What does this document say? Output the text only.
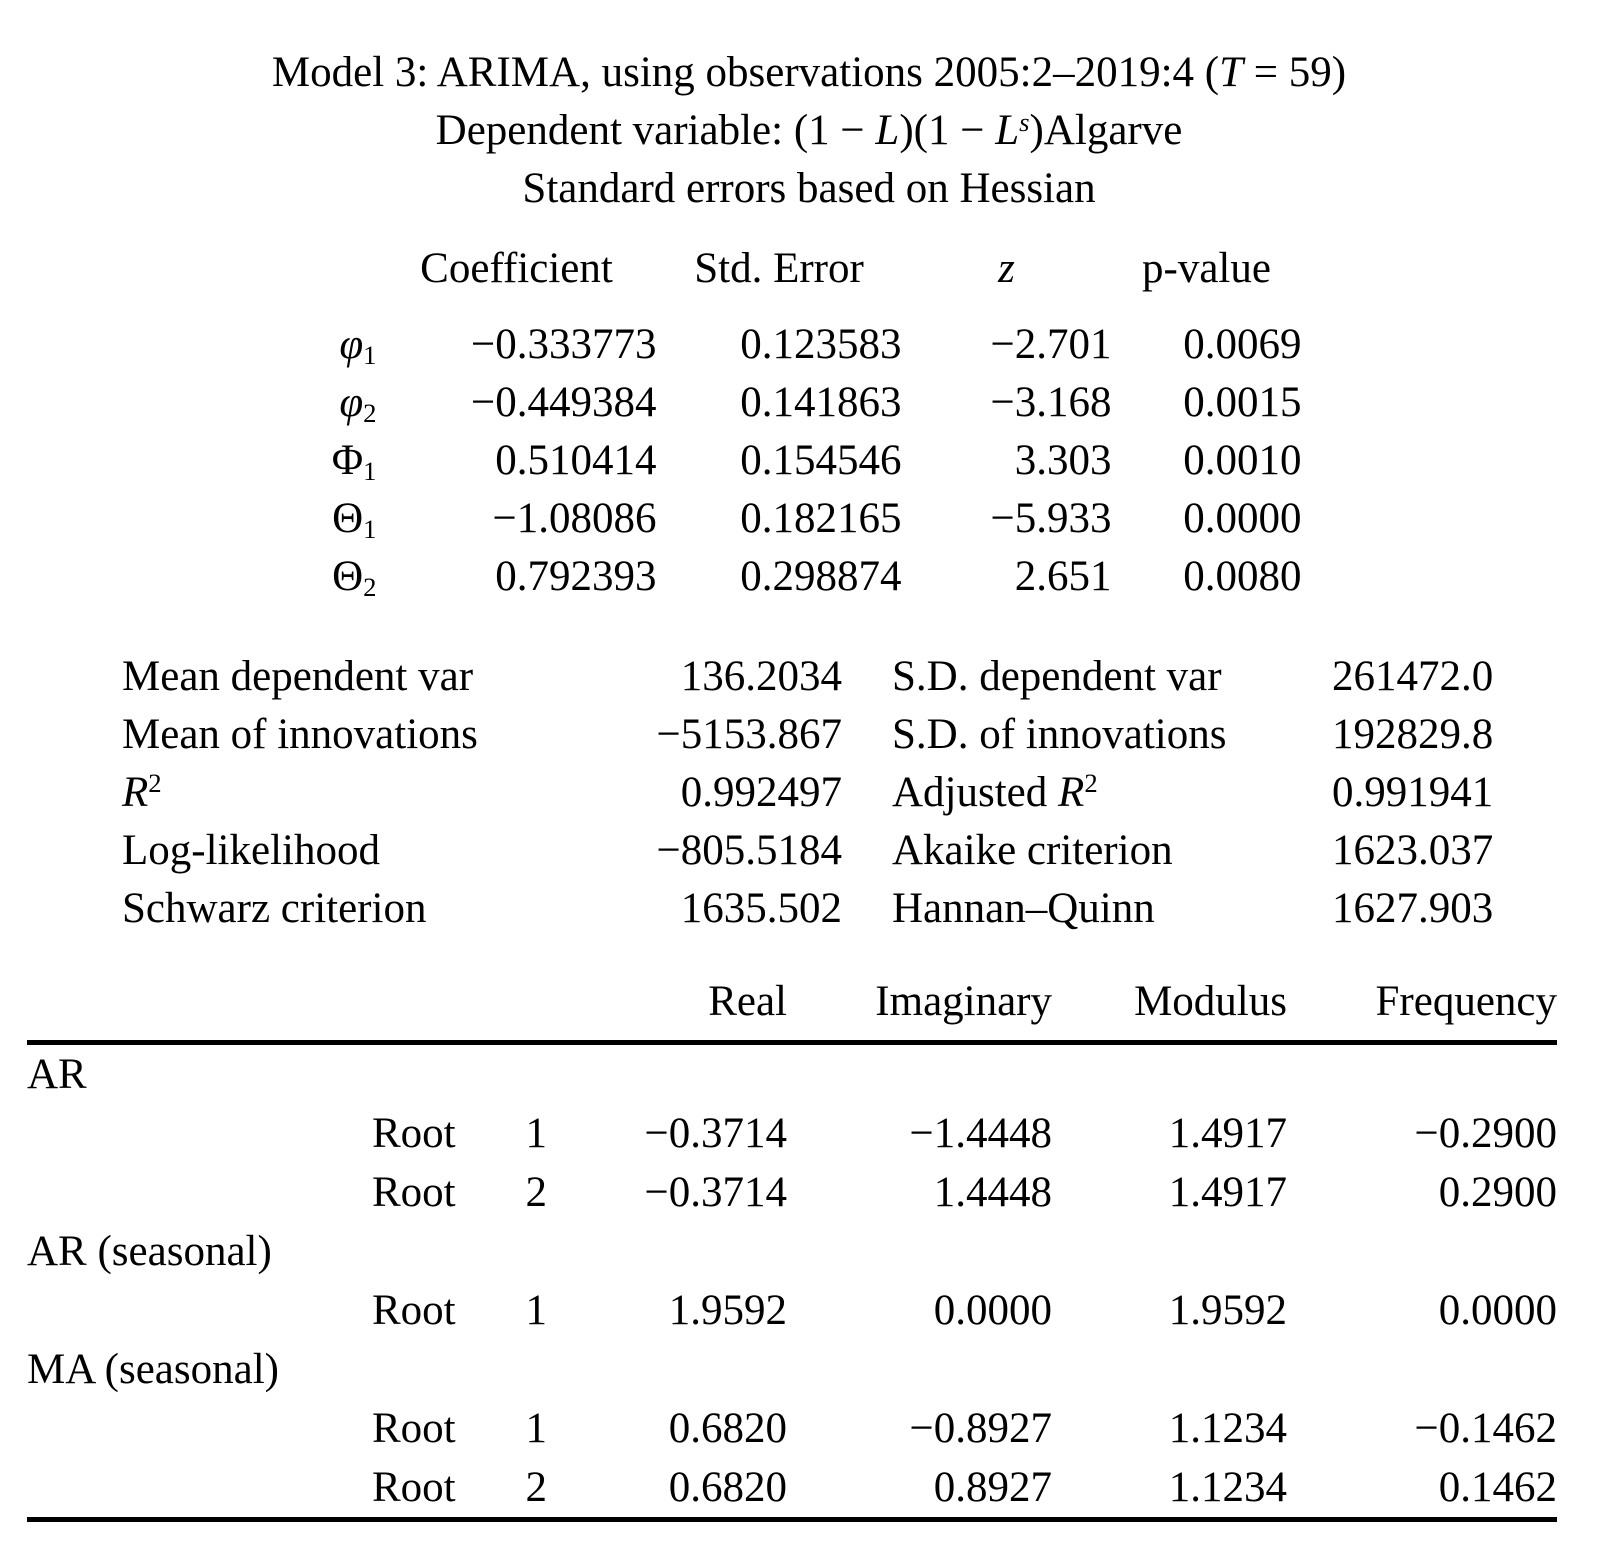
Model 3: ARIMA, using observations 2005:2–2019:4 (T = 59)
Dependent variable: $(1 - L)(1 - L^s)Algarve$
Standard errors based on Hessian
	Coefficient	Std. Error	z	p-value
$\varphi_1$	−0.333773	0.123583	−2.701	0.0069
$\varphi_2$	−0.449384	0.141863	−3.168	0.0015
$\Phi_1$	0.510414	0.154546	3.303	0.0010
$\Theta_1$	−1.08086	0.182165	−5.933	0.0000
$\Theta_2$	0.792393	0.298874	2.651	0.0080
Mean dependent var	136.2034		S.D. dependent var	261472.0
Mean of innovations	−5153.867		S.D. of innovations	192829.8
$R^2$	0.992497		Adjusted $R^2$	0.991941
Log-likelihood	−805.5184		Akaike criterion	1623.037
Schwarz criterion	1635.502		Hannan–Quinn	1627.903
			Real	Imaginary	Modulus	Frequency
AR						
	Root	1	−0.3714	−1.4448	1.4917	−0.2900
	Root	2	−0.3714	1.4448	1.4917	0.2900
AR (seasonal)						
	Root	1	1.9592	0.0000	1.9592	0.0000
MA (seasonal)						
	Root	1	0.6820	−0.8927	1.1234	−0.1462
	Root	2	0.6820	0.8927	1.1234	0.1462
